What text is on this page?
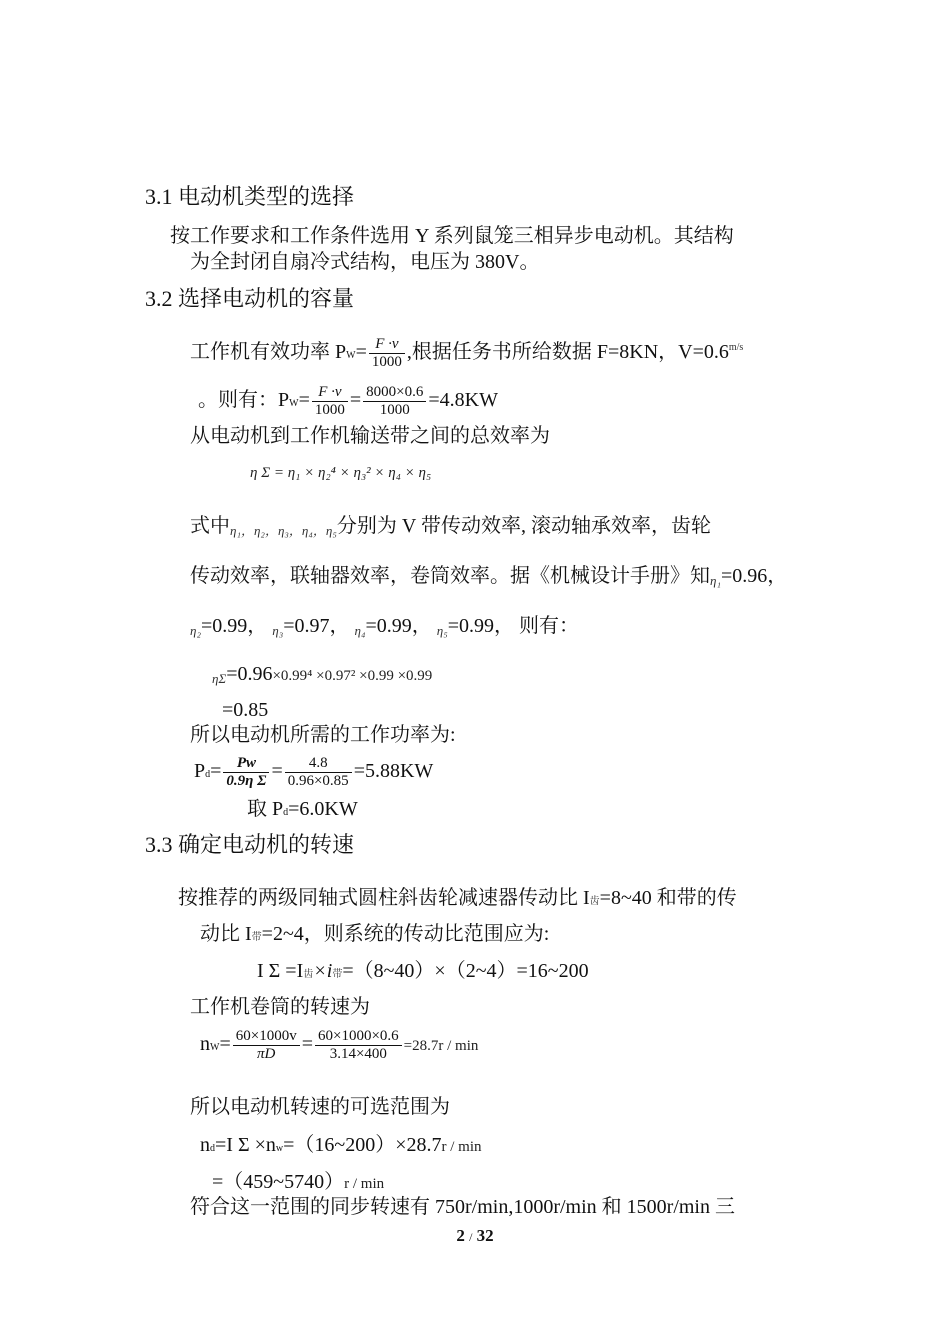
3.1 电动机类型的选择
按工作要求和工作条件选用 Y 系列鼠笼三相异步电动机。其结构
为全封闭自扇冷式结构，电压为 380V。
3.2 选择电动机的容量
工作机有效功率 $PW= \frac{F \cdot v}{1000}$ ,根据任务书所给数据 F=8KN，$V=0.6^{m/s}$
。则有：$PW= \frac{F \cdot v}{1000} = \frac{8000\times 0.6}{1000} =4.8KW$
从电动机到工作机输送带之间的总效率为
η Σ = η₁ × η₂⁴ × η₃² × η₄ × η₅
式中η₁，η₂，η₃，η₄，η₅分别为 V 带传动效率, 滚动轴承效率，齿轮
传动效率，联轴器效率，卷筒效率。据《机械设计手册》知η₁=0.96，
η₂=0.99， η₃=0.97， η₄=0.99， η₅=0.99， 则有：
ηΣ=0.96×0.99⁴ ×0.97² ×0.99 ×0.99
=0.85
所以电动机所需的工作功率为:
$Pd= \frac{Pw}{\text{0.9η Σ}} = \frac{4.8}{0.96\times 0.85} =5.88KW$
取 Pd=6.0KW
3.3 确定电动机的转速
按推荐的两级同轴式圆柱斜齿轮减速器传动比 I齿=8~40 和带的传
动比 I带=2~4，则系统的传动比范围应为:
I Σ =I齿×i带=（8~40）×（2~4）=16~200
工作机卷筒的转速为
$nW= \frac{60\times 1000v}{\pi D} = \frac{60\times 1000\times 0.6}{3.14\times 400} =28.7r / \min$
所以电动机转速的可选范围为
nd=I Σ ×nw=（16~200）×28.7r / min
=（459~5740）r / min
符合这一范围的同步转速有 750r/min,1000r/min 和 1500r/min 三
2 / 32
